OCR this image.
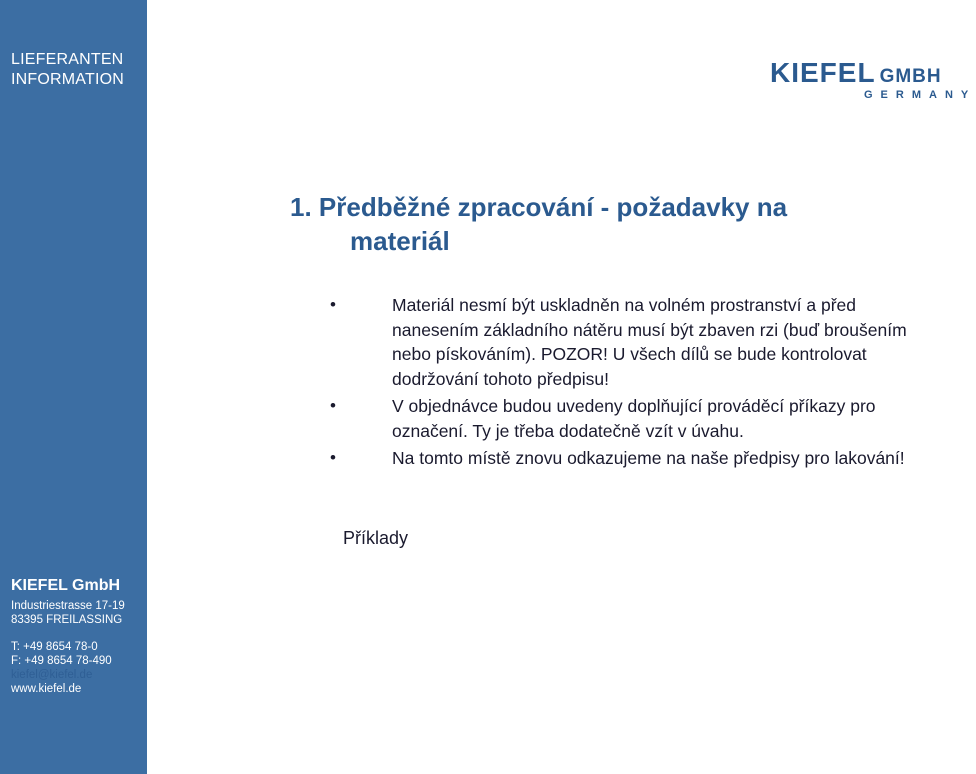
LIEFERANTEN
INFORMATION
KIEFEL GmbH
Industriestrasse 17-19
83395 FREILASSING
T: +49 8654 78-0
F: +49 8654 78-490
kiefel@kiefel.de
www.kiefel.de
KIEFEL GMBH
GERMANY
1. Předběžné zpracování - požadavky na
materiál
•	Materiál nesmí být uskladněn na volném prostranství a před nanesením základního nátěru musí být zbaven rzi (buď broušením nebo pískováním). POZOR! U všech dílů se bude kontrolovat dodržování tohoto předpisu!
•	V objednávce budou uvedeny doplňující prováděcí příkazy pro označení. Ty je třeba dodatečně vzít v úvahu.
•	Na tomto místě znovu odkazujeme na naše předpisy pro lakování!
Příklady
